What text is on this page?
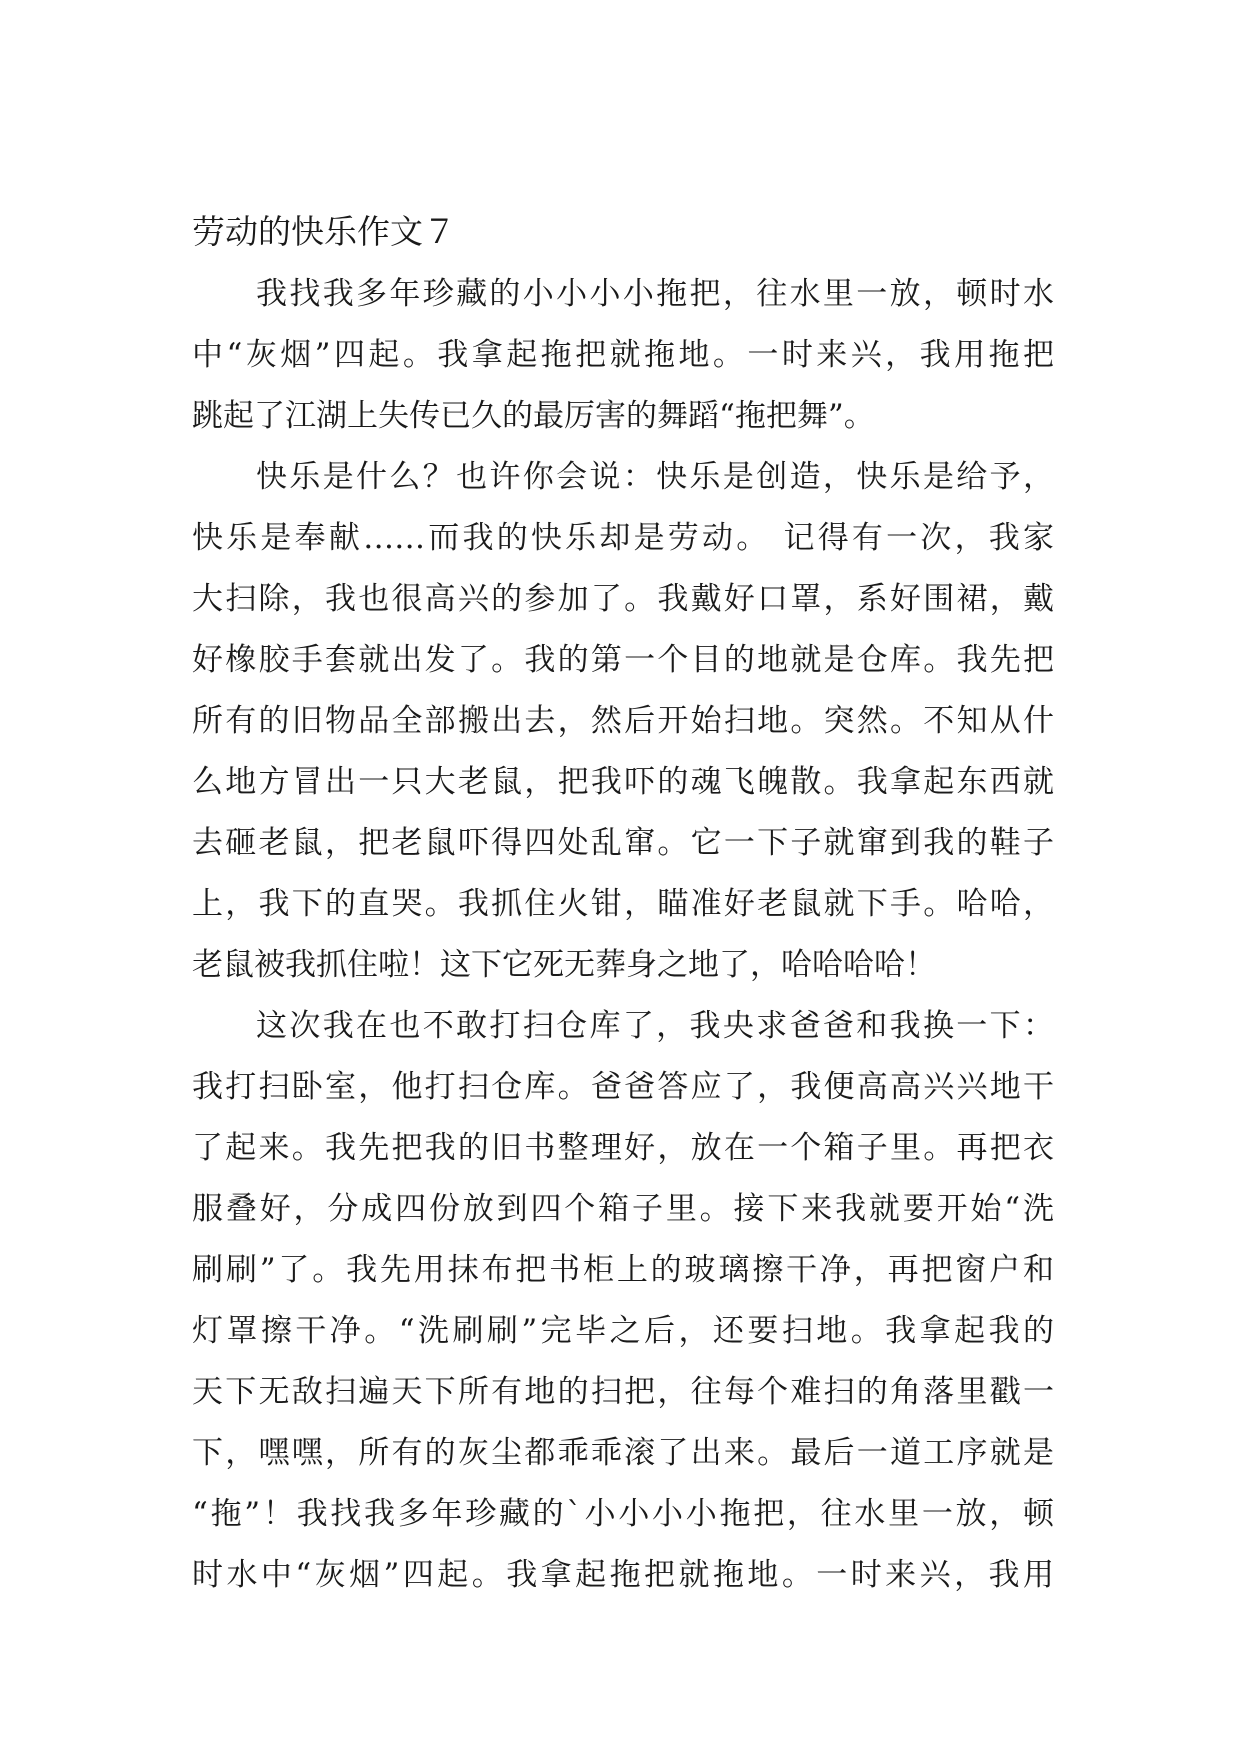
劳动的快乐作文７
我找我多年珍藏的小小小小拖把，往水里一放，顿时水
中“灰烟”四起。我拿起拖把就拖地。一时来兴，我用拖把
跳起了江湖上失传已久的最厉害的舞蹈“拖把舞”。
快乐是什么？也许你会说：快乐是创造，快乐是给予，
快乐是奉献……而我的快乐却是劳动。 记得有一次，我家
大扫除，我也很高兴的参加了。我戴好口罩，系好围裙，戴
好橡胶手套就出发了。我的第一个目的地就是仓库。我先把
所有的旧物品全部搬出去，然后开始扫地。突然。不知从什
么地方冒出一只大老鼠，把我吓的魂飞魄散。我拿起东西就
去砸老鼠，把老鼠吓得四处乱窜。它一下子就窜到我的鞋子
上，我下的直哭。我抓住火钳，瞄准好老鼠就下手。哈哈，
老鼠被我抓住啦！这下它死无葬身之地了，哈哈哈哈！
这次我在也不敢打扫仓库了，我央求爸爸和我换一下：
我打扫卧室，他打扫仓库。爸爸答应了，我便高高兴兴地干
了起来。我先把我的旧书整理好，放在一个箱子里。再把衣
服叠好，分成四份放到四个箱子里。接下来我就要开始“洗
刷刷”了。我先用抹布把书柜上的玻璃擦干净，再把窗户和
灯罩擦干净。“洗刷刷”完毕之后，还要扫地。我拿起我的
天下无敌扫遍天下所有地的扫把，往每个难扫的角落里戳一
下，嘿嘿，所有的灰尘都乖乖滚了出来。最后一道工序就是
“拖”！我找我多年珍藏的`小小小小拖把，往水里一放，顿
时水中“灰烟”四起。我拿起拖把就拖地。一时来兴，我用
